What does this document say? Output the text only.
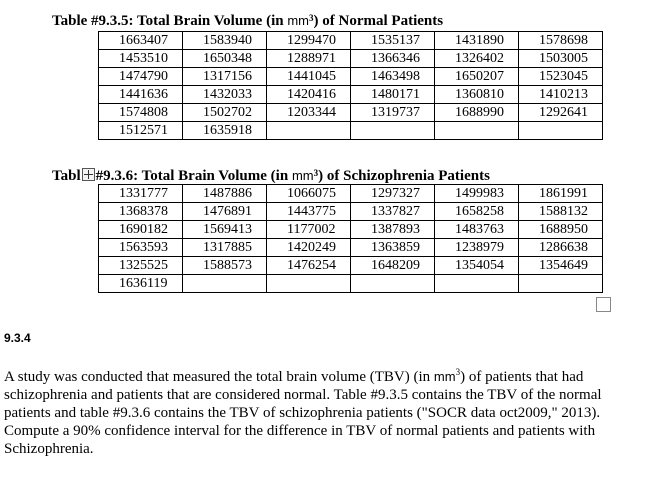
Table #9.3.5: Total Brain Volume (in $mm^3$) of Normal Patients
1663407	1583940	1299470	1535137	1431890	1578698
1453510	1650348	1288971	1366346	1326402	1503005
1474790	1317156	1441045	1463498	1650207	1523045
1441636	1432033	1420416	1480171	1360810	1410213
1574808	1502702	1203344	1319737	1688990	1292641
1512571	1635918				
Tabl #9.3.6: Total Brain Volume (in $mm^3$) of Schizophrenia Patients
1331777	1487886	1066075	1297327	1499983	1861991
1368378	1476891	1443775	1337827	1658258	1588132
1690182	1569413	1177002	1387893	1483763	1688950
1563593	1317885	1420249	1363859	1238979	1286638
1325525	1588573	1476254	1648209	1354054	1354649
1636119					
9.3.4
A study was conducted that measured the total brain volume (TBV) (in $mm^3$) of patients that had schizophrenia and patients that are considered normal. Table #9.3.5 contains the TBV of the normal patients and table #9.3.6 contains the TBV of schizophrenia patients ("SOCR data oct2009," 2013). Compute a 90% confidence interval for the difference in TBV of normal patients and patients with Schizophrenia.
